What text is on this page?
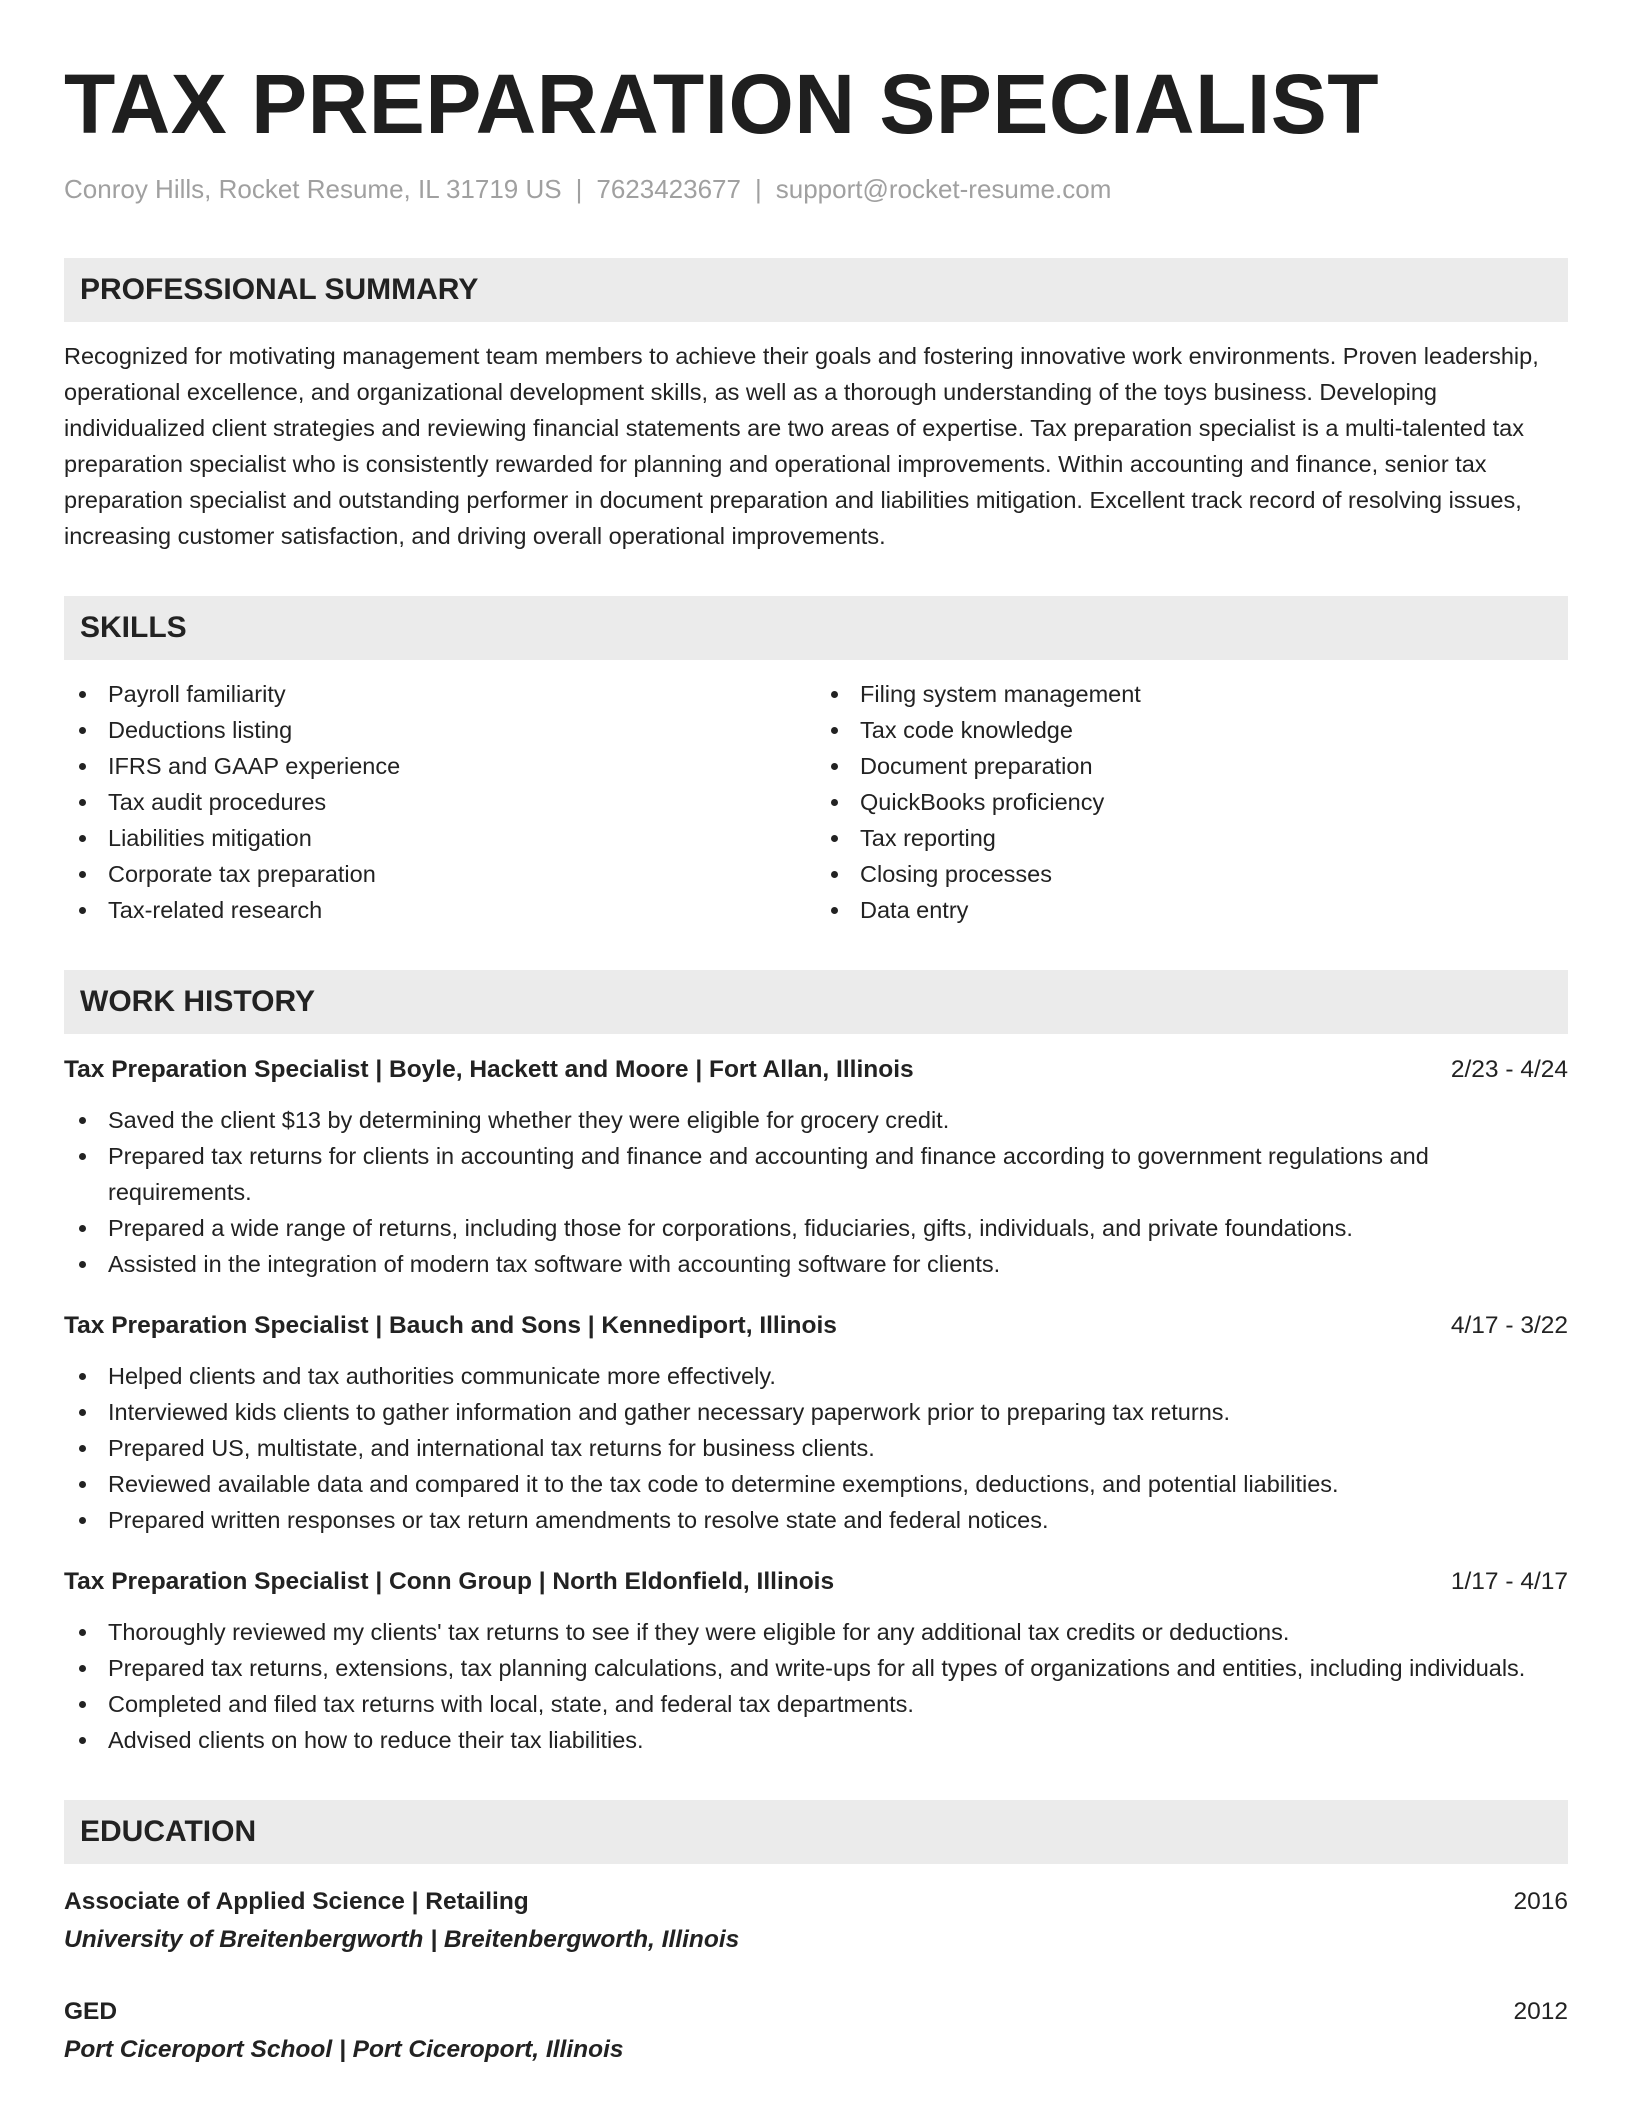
TAX PREPARATION SPECIALIST
Conroy Hills, Rocket Resume, IL 31719 US | 7623423677 | support@rocket-resume.com
PROFESSIONAL SUMMARY

Recognized for motivating management team members to achieve their goals and fostering innovative work environments. Proven leadership, operational excellence, and organizational development skills, as well as a thorough understanding of the toys business. Developing individualized client strategies and reviewing financial statements are two areas of expertise. Tax preparation specialist is a multi-talented tax preparation specialist who is consistently rewarded for planning and operational improvements. Within accounting and finance, senior tax preparation specialist and outstanding performer in document preparation and liabilities mitigation. Excellent track record of resolving issues, increasing customer satisfaction, and driving overall operational improvements.

SKILLS
Payroll familiarity
Deductions listing
IFRS and GAAP experience
Tax audit procedures
Liabilities mitigation
Corporate tax preparation
Tax-related research
Filing system management
Tax code knowledge
Document preparation
QuickBooks proficiency
Tax reporting
Closing processes
Data entry
WORK HISTORY
Tax Preparation Specialist | Boyle, Hackett and Moore | Fort Allan, Illinois	2/23 - 4/24
Saved the client $13 by determining whether they were eligible for grocery credit.
Prepared tax returns for clients in accounting and finance and accounting and finance according to government regulations and requirements.
Prepared a wide range of returns, including those for corporations, fiduciaries, gifts, individuals, and private foundations.
Assisted in the integration of modern tax software with accounting software for clients.
Tax Preparation Specialist | Bauch and Sons | Kennediport, Illinois	4/17 - 3/22
Helped clients and tax authorities communicate more effectively.
Interviewed kids clients to gather information and gather necessary paperwork prior to preparing tax returns.
Prepared US, multistate, and international tax returns for business clients.
Reviewed available data and compared it to the tax code to determine exemptions, deductions, and potential liabilities.
Prepared written responses or tax return amendments to resolve state and federal notices.
Tax Preparation Specialist | Conn Group | North Eldonfield, Illinois	1/17 - 4/17
Thoroughly reviewed my clients' tax returns to see if they were eligible for any additional tax credits or deductions.
Prepared tax returns, extensions, tax planning calculations, and write-ups for all types of organizations and entities, including individuals.
Completed and filed tax returns with local, state, and federal tax departments.
Advised clients on how to reduce their tax liabilities.
EDUCATION
Associate of Applied Science | Retailing	2016
University of Breitenbergworth | Breitenbergworth, Illinois
GED	2012
Port Ciceroport School | Port Ciceroport, Illinois
